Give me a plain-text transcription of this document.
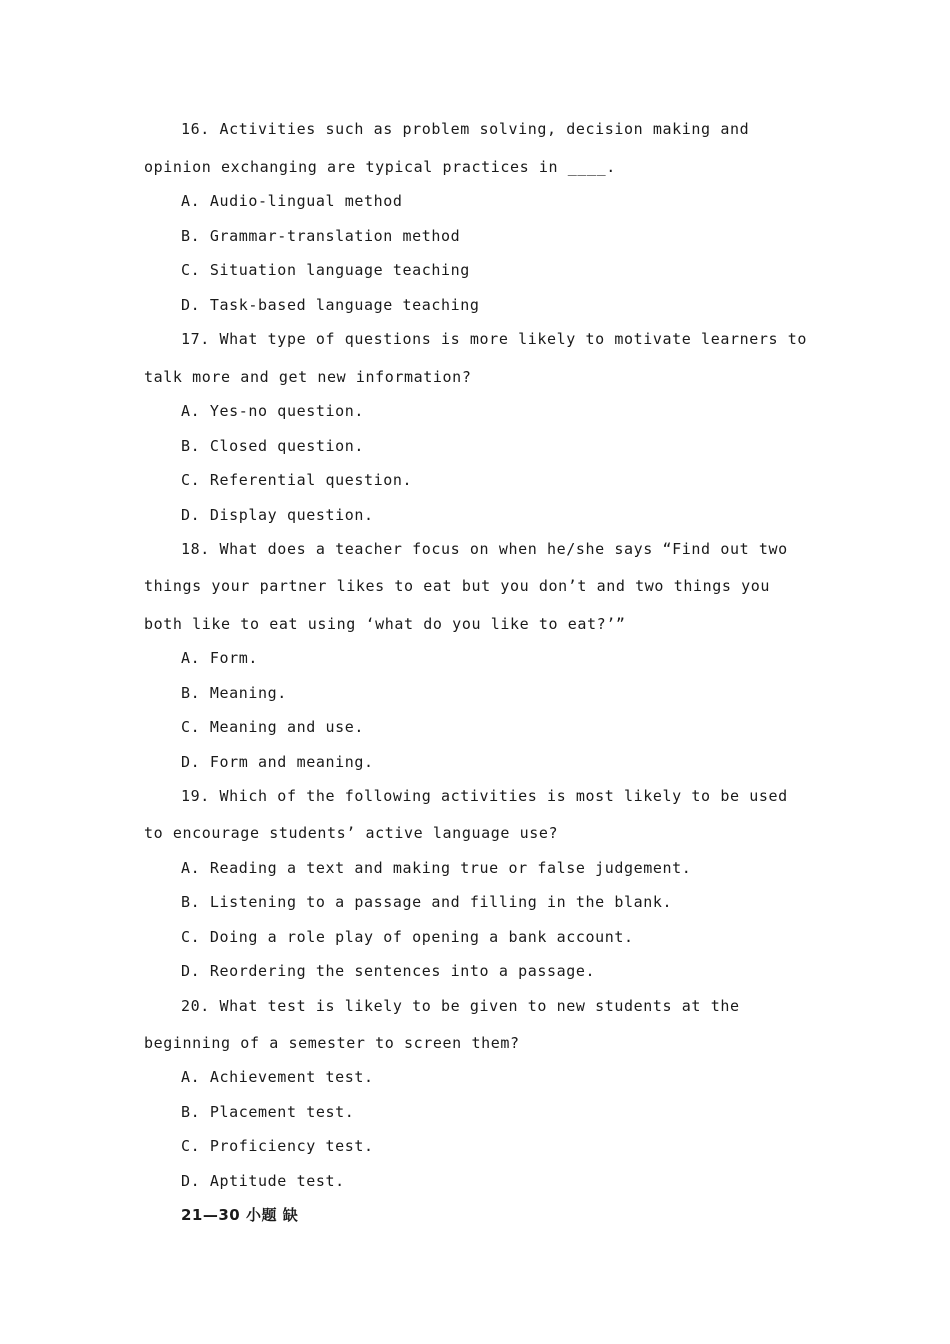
16. Activities such as problem solving, decision making and
opinion exchanging are typical practices in ____.
A. Audio-lingual method
B. Grammar-translation method
C. Situation language teaching
D. Task-based language teaching
17. What type of questions is more likely to motivate learners to
talk more and get new information?
A. Yes-no question.
B. Closed question.
C. Referential question.
D. Display question.
18. What does a teacher focus on when he/she says “Find out two
things your partner likes to eat but you don’t and two things you
both like to eat using ‘what do you like to eat?’”
A. Form.
B. Meaning.
C. Meaning and use.
D. Form and meaning.
19. Which of the following activities is most likely to be used
to encourage students’ active language use?
A. Reading a text and making true or false judgement.
B. Listening to a passage and filling in the blank.
C. Doing a role play of opening a bank account.
D. Reordering the sentences into a passage.
20. What test is likely to be given to new students at the
beginning of a semester to screen them?
A. Achievement test.
B. Placement test.
C. Proficiency test.
D. Aptitude test.
21—30 小题 缺
